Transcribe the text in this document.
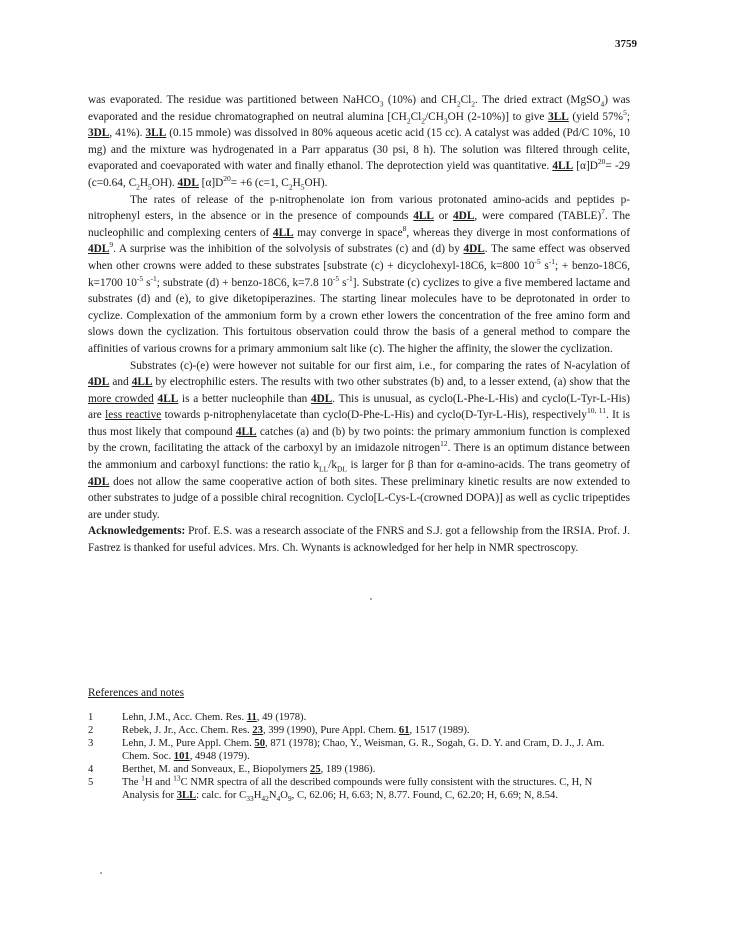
3759

was evaporated. The residue was partitioned between NaHCO$_3$ (10%) and $CH_2Cl_2$. The dried extract (MgSO$_4$) was evaporated and the residue chromatographed on neutral alumina [$CH_2Cl_2/CH_3OH$ (2-10%)] to give 3LL (yield 57%$^5$; 3DL, 41%). 3LL (0.15 mmole) was dissolved in 80% aqueous acetic acid (15 cc). A catalyst was added (Pd/C 10%, 10 mg) and the mixture was hydrogenated in a Parr apparatus (30 psi, 8 h). The solution was filtered through celite, evaporated and coevaporated with water and finally ethanol. The deprotection yield was quantitative. 4LL $[\alpha]D^{20}= -29$ (c=0.64, $C_2H_5OH$). 4DL $[\alpha]D^{20}= +6$ (c=1, $C_2H_5OH$).

The rates of release of the p-nitrophenolate ion from various protonated amino-acids and peptides p-nitrophenyl esters, in the absence or in the presence of compounds 4LL or 4DL, were compared (TABLE)$^7$. The nucleophilic and complexing centers of 4LL may converge in space$^8$, whereas they diverge in most conformations of $4DL^9$. A surprise was the inhibition of the solvolysis of substrates (c) and (d) by 4DL. The same effect was observed when other crowns were added to these substrates [substrate (c) + dicyclohexyl-18C6, k=800 $10^{-5}$ $s^{-1}$; + benzo-18C6, k=1700 $10^{-5}$ $s^{-1}$; substrate (d) + benzo-18C6, k=7.8 $10^{-5}$ $s^{-1}$]. Substrate (c) cyclizes to give a five membered lactame and substrates (d) and (e), to give diketopiperazines. The starting linear molecules have to be deprotonated in order to cyclize. Complexation of the ammonium form by a crown ether lowers the concentration of the free amino form and slows down the cyclization. This fortuitous observation could throw the basis of a general method to compare the affinities of various crowns for a primary ammonium salt like (c). The higher the affinity, the slower the cyclization.

Substrates (c)-(e) were however not suitable for our first aim, i.e., for comparing the rates of N-acylation of 4DL and 4LL by electrophilic esters. The results with two other substrates (b) and, to a lesser extend, (a) show that the more crowded 4LL is a better nucleophile than 4DL. This is unusual, as cyclo(L-Phe-L-His) and cyclo(L-Tyr-L-His) are less reactive towards p-nitrophenylacetate than cyclo(D-Phe-L-His) and cyclo(D-Tyr-L-His), respectively$^{10, 11}$. It is thus most likely that compound 4LL catches (a) and (b) by two points: the primary ammonium function is complexed by the crown, facilitating the attack of the carboxyl by an imidazole nitrogen$^{12}$. There is an optimum distance between the ammonium and carboxyl functions: the ratio $k_{LL}/k_{DL}$ is larger for β than for α-amino-acids. The trans geometry of 4DL does not allow the same cooperative action of both sites. These preliminary kinetic results are now extended to other substrates to judge of a possible chiral recognition. Cyclo[L-Cys-L-(crowned DOPA)] as well as cyclic tripeptides are under study.

Acknowledgements: Prof. E.S. was a research associate of the FNRS and S.J. got a fellowship from the IRSIA. Prof. J. Fastrez is thanked for useful advices. Mrs. Ch. Wynants is acknowledged for her help in NMR spectroscopy.

References and notes
1	Lehn, J.M., Acc. Chem. Res. 11, 49 (1978).
2	Rebek, J. Jr., Acc. Chem. Res. 23, 399 (1990), Pure Appl. Chem. 61, 1517 (1989).
3	Lehn, J. M., Pure Appl. Chem. 50, 871 (1978); Chao, Y., Weisman, G. R., Sogah, G. D. Y. and Cram, D. J., J. Am. Chem. Soc. 101, 4948 (1979).
4	Berthet, M. and Sonveaux, E., Biopolymers 25, 189 (1986).
5	The $^1$H and $^{13}$C NMR spectra of all the described compounds were fully consistent with the structures. C, H, N Analysis for 3LL: calc. for $C_{33}H_{42}N_4O_9$, C, 62.06; H, 6.63; N, 8.77. Found, C, 62.20; H, 6.69; N, 8.54.
